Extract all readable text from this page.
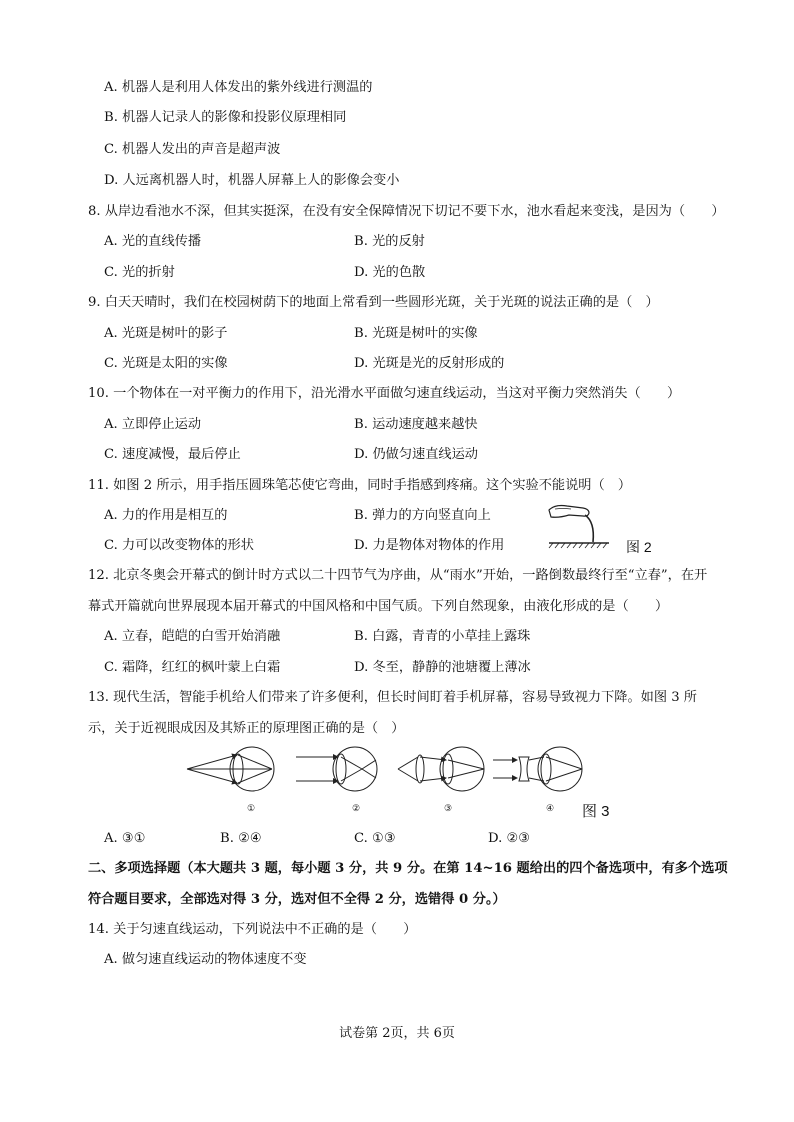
A. 机器人是利用人体发出的紫外线进行测温的
B. 机器人记录人的影像和投影仪原理相同
C. 机器人发出的声音是超声波
D. 人远离机器人时，机器人屏幕上人的影像会变小
8. 从岸边看池水不深，但其实挺深，在没有安全保障情况下切记不要下水，池水看起来变浅，是因为（　　）
A. 光的直线传播	B. 光的反射
C. 光的折射	D. 光的色散
9. 白天天晴时，我们在校园树荫下的地面上常看到一些圆形光斑，关于光斑的说法正确的是（　）
A. 光斑是树叶的影子	B. 光斑是树叶的实像
C. 光斑是太阳的实像	D. 光斑是光的反射形成的
10. 一个物体在一对平衡力的作用下，沿光滑水平面做匀速直线运动，当这对平衡力突然消失（　　）
A. 立即停止运动	B. 运动速度越来越快
C. 速度减慢，最后停止	D. 仍做匀速直线运动
11. 如图 2 所示，用手指压圆珠笔芯使它弯曲，同时手指感到疼痛。这个实验不能说明（　）
A. 力的作用是相互的	B. 弹力的方向竖直向上
C. 力可以改变物体的形状	D. 力是物体对物体的作用	图 2
12. 北京冬奥会开幕式的倒计时方式以二十四节气为序曲，从“雨水”开始，一路倒数最终行至“立春”，在开
幕式开篇就向世界展现本届开幕式的中国风格和中国气质。下列自然现象，由液化形成的是（　　）
A. 立春，皑皑的白雪开始消融	B. 白露，青青的小草挂上露珠
C. 霜降，红红的枫叶蒙上白霜	D. 冬至，静静的池塘覆上薄冰
13. 现代生活，智能手机给人们带来了许多便利，但长时间盯着手机屏幕，容易导致视力下降。如图 3 所
示，关于近视眼成因及其矫正的原理图正确的是（　）
①	②	③	④ 图 3
A. ③①	B. ②④	C. ①③	D. ②③
二、多项选择题（本大题共 3 题，每小题 3 分，共 9 分。在第 14~16 题给出的四个备选项中，有多个选项
符合题目要求，全部选对得 3 分，选对但不全得 2 分，选错得 0 分。）
14. 关于匀速直线运动，下列说法中不正确的是（　　）
A. 做匀速直线运动的物体速度不变
试卷第 2页，共 6页
